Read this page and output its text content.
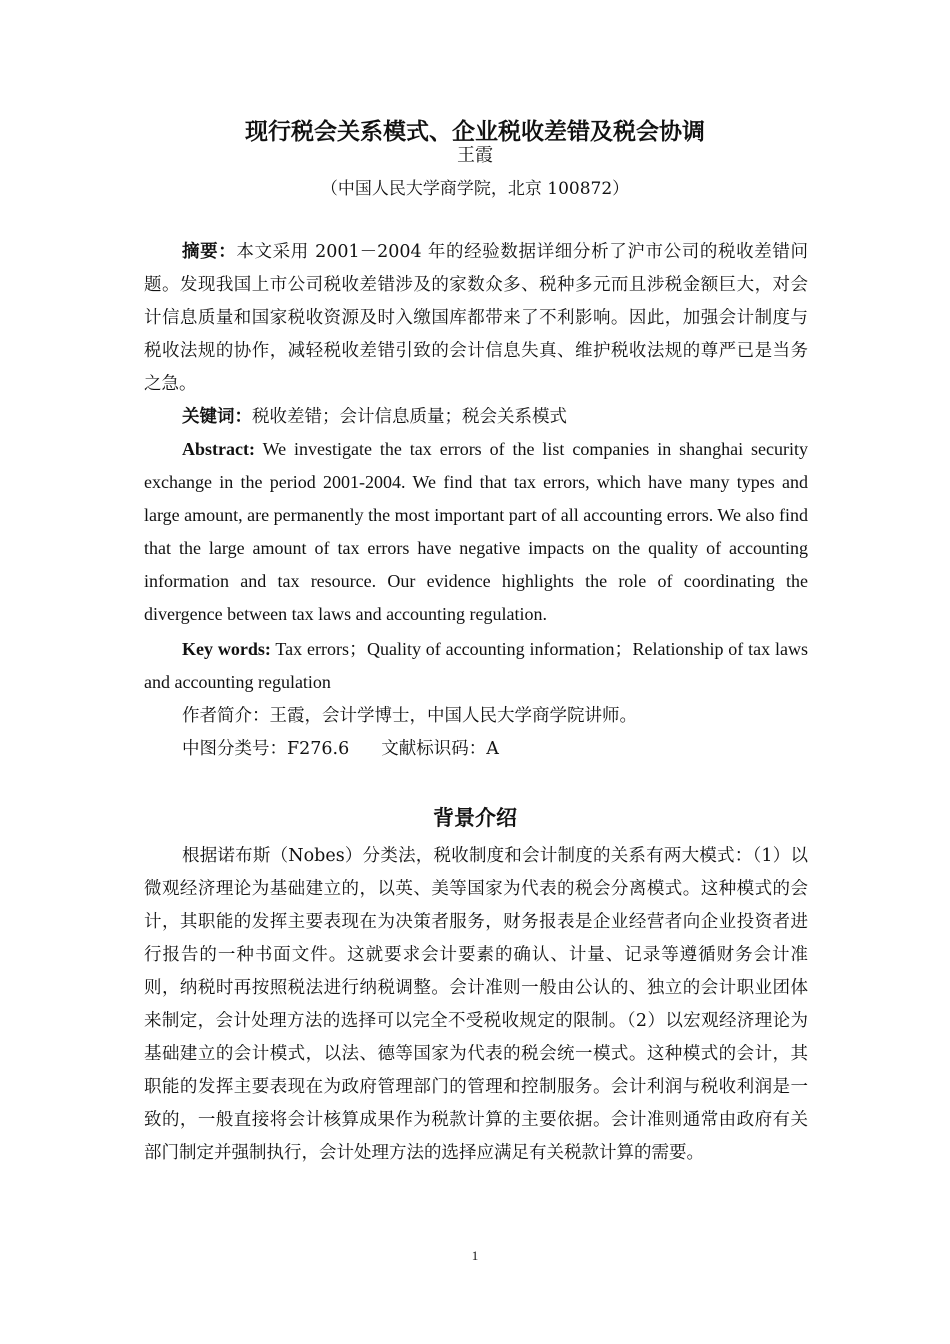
现行税会关系模式、企业税收差错及税会协调
王霞
（中国人民大学商学院，北京 100872）
摘要：本文采用 2001－2004 年的经验数据详细分析了沪市公司的税收差错问题。发现我国上市公司税收差错涉及的家数众多、税种多元而且涉税金额巨大，对会计信息质量和国家税收资源及时入缴国库都带来了不利影响。因此，加强会计制度与税收法规的协作，减轻税收差错引致的会计信息失真、维护税收法规的尊严已是当务之急。
关键词：税收差错；会计信息质量；税会关系模式
Abstract: We investigate the tax errors of the list companies in shanghai security exchange in the period 2001-2004. We find that tax errors, which have many types and large amount, are permanently the most important part of all accounting errors. We also find that the large amount of tax errors have negative impacts on the quality of accounting information and tax resource. Our evidence highlights the role of coordinating the divergence between tax laws and accounting regulation.
Key words: Tax errors；Quality of accounting information；Relationship of tax laws and accounting regulation
作者简介：王霞，会计学博士，中国人民大学商学院讲师。
中图分类号：F276.6 文献标识码：A
背景介绍
根据诺布斯（Nobes）分类法，税收制度和会计制度的关系有两大模式：（1）以微观经济理论为基础建立的，以英、美等国家为代表的税会分离模式。这种模式的会计，其职能的发挥主要表现在为决策者服务，财务报表是企业经营者向企业投资者进行报告的一种书面文件。这就要求会计要素的确认、计量、记录等遵循财务会计准则，纳税时再按照税法进行纳税调整。会计准则一般由公认的、独立的会计职业团体来制定，会计处理方法的选择可以完全不受税收规定的限制。（2）以宏观经济理论为基础建立的会计模式，以法、德等国家为代表的税会统一模式。这种模式的会计，其职能的发挥主要表现在为政府管理部门的管理和控制服务。会计利润与税收利润是一致的，一般直接将会计核算成果作为税款计算的主要依据。会计准则通常由政府有关部门制定并强制执行，会计处理方法的选择应满足有关税款计算的需要。
1
